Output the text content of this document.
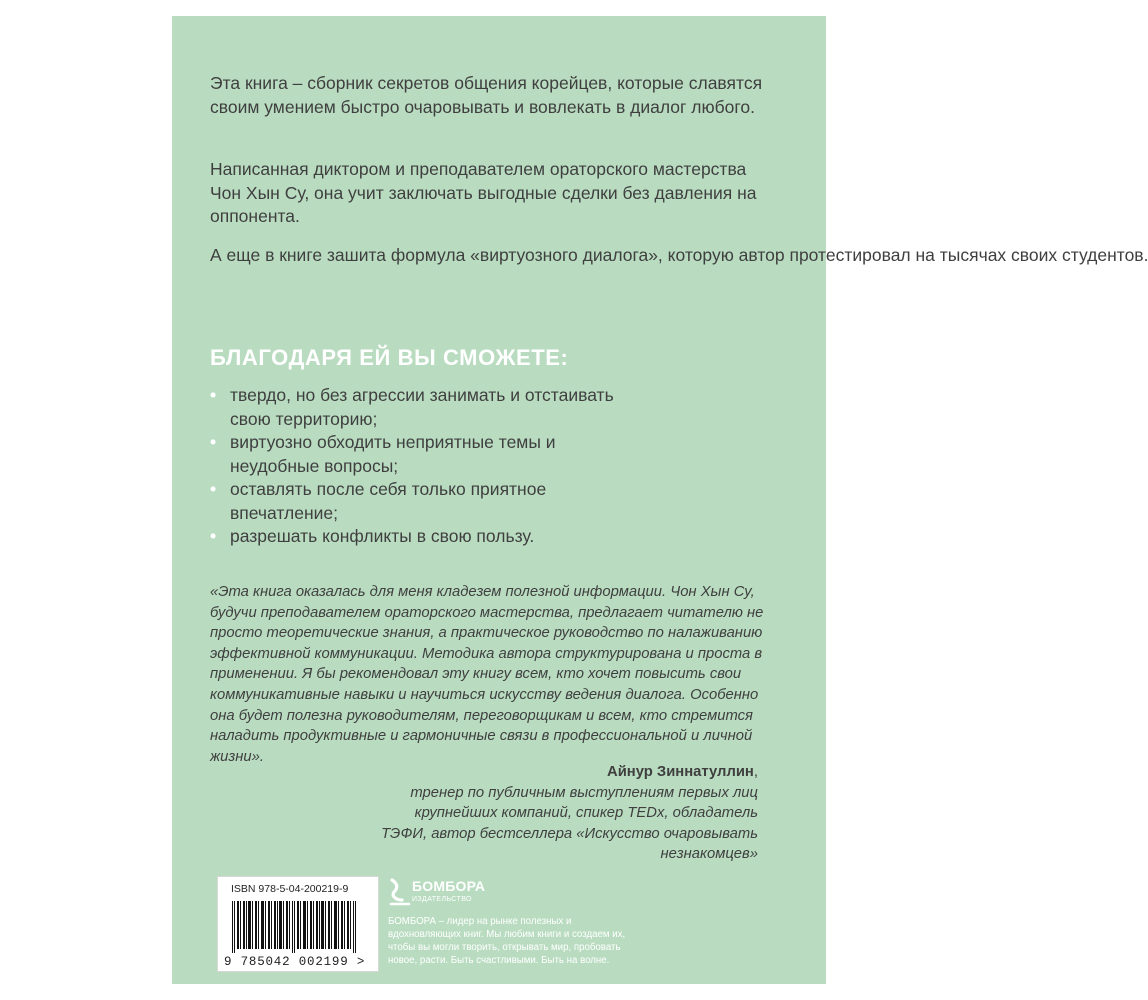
Эта книга – сборник секретов общения корейцев, которые славятся своим умением быстро очаровывать и вовлекать в диалог любого.

Написанная диктором и преподавателем ораторского мастерства Чон Хын Су, она учит заключать выгодные сделки без давления на оппонента.

А еще в книге зашита формула «виртуозного диалога», которую автор протестировал на тысячах своих студентов.

БЛАГОДАРЯ ЕЙ ВЫ СМОЖЕТЕ:
• твердо, но без агрессии занимать и отстаивать свою территорию;
• виртуозно обходить неприятные темы и неудобные вопросы;
• оставлять после себя только приятное впечатление;
• разрешать конфликты в свою пользу.
«Эта книга оказалась для меня кладезем полезной информации. Чон Хын Су, будучи преподавателем ораторского мастерства, предлагает читателю не просто теоретические знания, а практическое руководство по налаживанию эффективной коммуникации. Методика автора структурирована и проста в применении. Я бы рекомендовал эту книгу всем, кто хочет повысить свои коммуникативные навыки и научиться искусству ведения диалога. Особенно она будет полезна руководителям, переговорщикам и всем, кто стремится наладить продуктивные и гармоничные связи в профессиональной и личной жизни».
Айнур Зиннатуллин,
тренер по публичным выступлениям первых лиц крупнейших компаний, спикер TEDx, обладатель ТЭФИ, автор бестселлера «Искусство очаровывать незнакомцев»
ISBN 978-5-04-200219-9
9 785042 002199 >
БОМБОРА
ИЗДАТЕЛЬСТВО
БОМБОРА – лидер на рынке полезных и вдохновляющих книг. Мы любим книги и создаем их, чтобы вы могли творить, открывать мир, пробовать новое, расти. Быть счастливыми. Быть на волне.
